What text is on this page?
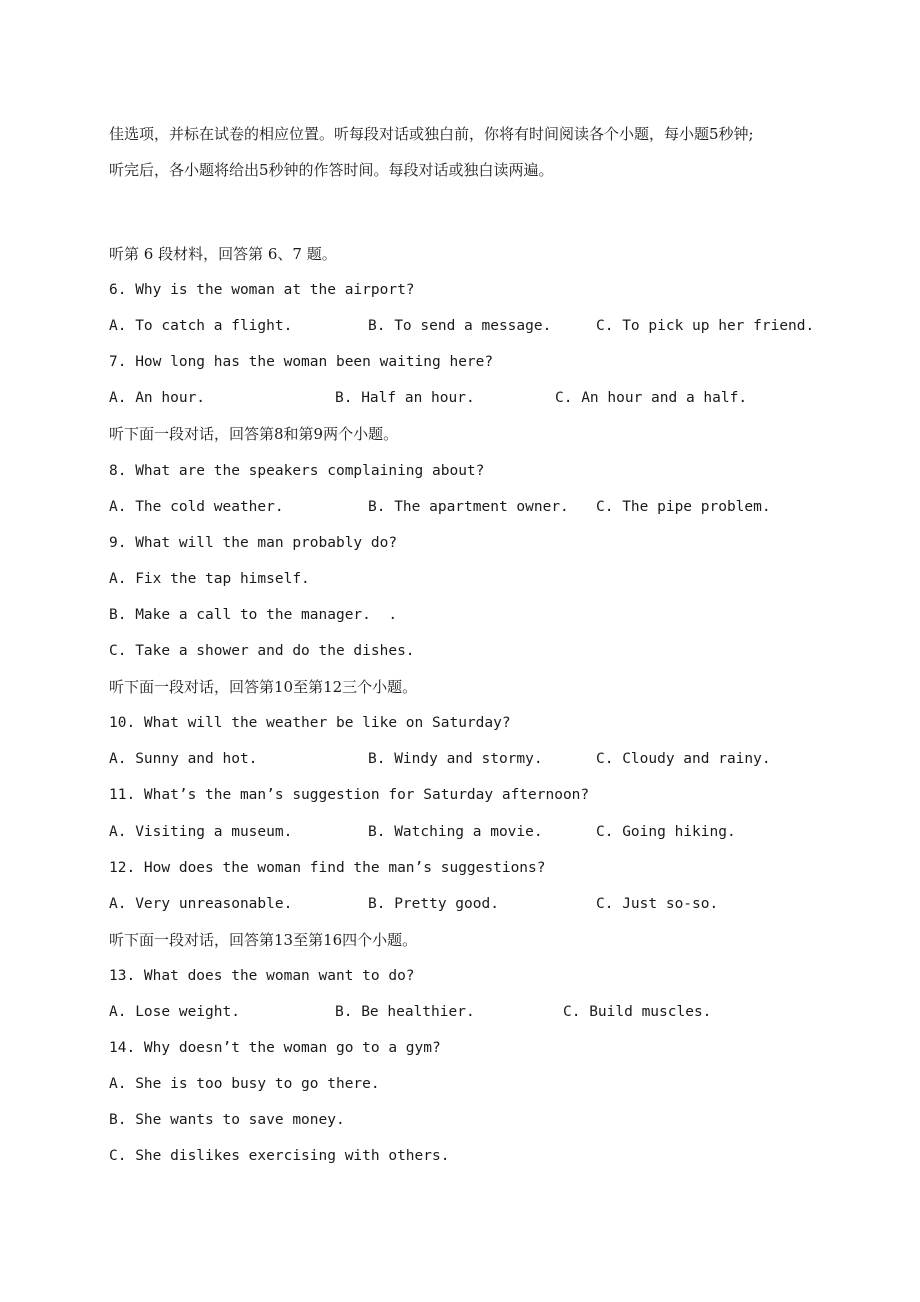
佳选项，并标在试卷的相应位置。听每段对话或独白前，你将有时间阅读各个小题，每小题5秒钟;

听完后，各小题将给出5秒钟的作答时间。每段对话或独白读两遍。

听第 6 段材料，回答第 6、7 题。
6. Why is the woman at the airport?

A. To catch a flight.

	B. To send a message.

	C. To pick up her friend.

7. How long has the woman been waiting here?

A. An hour.

	B. Half an hour.

	C. An hour and a half.

听下面一段对话，回答第8和第9两个小题。
8. What are the speakers complaining about?

A. The cold weather.

	B. The apartment owner.

C. The pipe problem.

9. What will the man probably do?
A. Fix the tap himself.
B. Make a call to the manager.  .
C. Take a shower and do the dishes.
听下面一段对话，回答第10至第12三个小题。
10. What will the weather be like on Saturday?

A. Sunny and hot.

	B. Windy and stormy.

	C. Cloudy and rainy.

11. What’s the man’s suggestion for Saturday afternoon?

A. Visiting a museum.

	B. Watching a movie.

	C. Going hiking.

12. How does the woman find the man’s suggestions?

A. Very unreasonable.

	B. Pretty good.

	C. Just so-so.

听下面一段对话，回答第13至第16四个小题。
13. What does the woman want to do?

A. Lose weight.

	B. Be healthier.

	C. Build muscles.

14. Why doesn’t the woman go to a gym?
A. She is too busy to go there.
B. She wants to save money.
C. She dislikes exercising with others.
